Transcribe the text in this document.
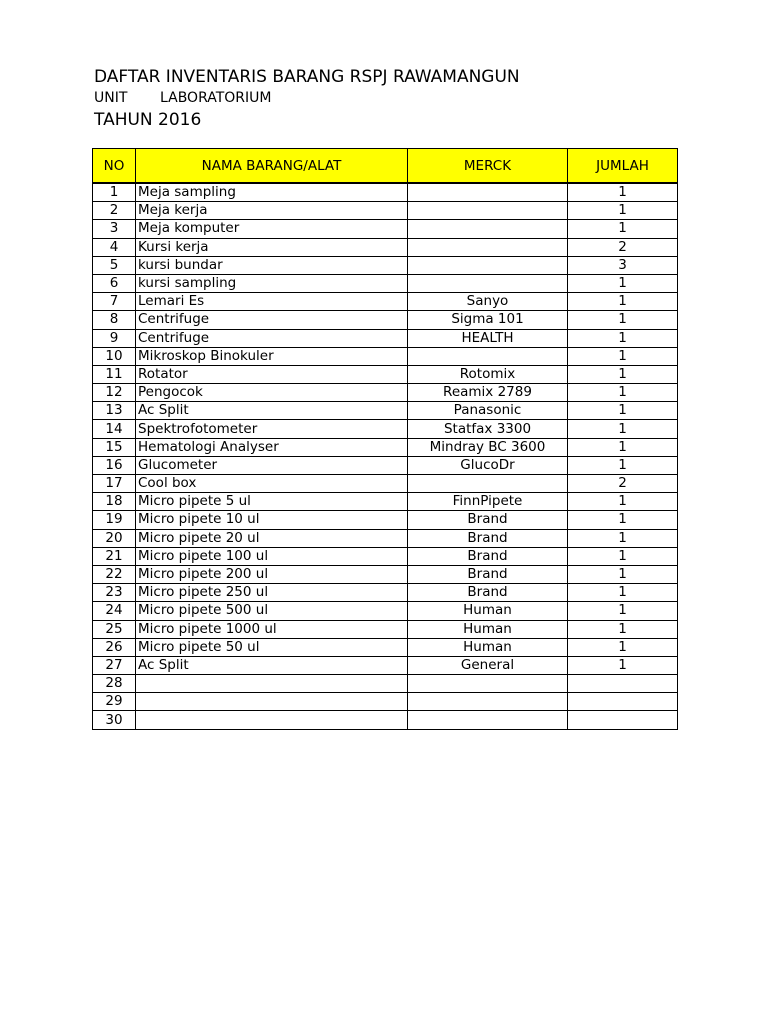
DAFTAR INVENTARIS BARANG RSPJ RAWAMANGUN
UNIT LABORATORIUM
TAHUN 2016
NO	NAMA BARANG/ALAT	MERCK	JUMLAH
1	Meja sampling		1
2	Meja kerja		1
3	Meja komputer		1
4	Kursi kerja		2
5	kursi bundar		3
6	kursi sampling		1
7	Lemari Es	Sanyo	1
8	Centrifuge	Sigma 101	1
9	Centrifuge	HEALTH	1
10	Mikroskop Binokuler		1
11	Rotator	Rotomix	1
12	Pengocok	Reamix 2789	1
13	Ac Split	Panasonic	1
14	Spektrofotometer	Statfax 3300	1
15	Hematologi Analyser	Mindray BC 3600	1
16	Glucometer	GlucoDr	1
17	Cool box		2
18	Micro pipete 5 ul	FinnPipete	1
19	Micro pipete 10 ul	Brand	1
20	Micro pipete 20 ul	Brand	1
21	Micro pipete 100 ul	Brand	1
22	Micro pipete 200 ul	Brand	1
23	Micro pipete 250 ul	Brand	1
24	Micro pipete 500 ul	Human	1
25	Micro pipete 1000 ul	Human	1
26	Micro pipete 50 ul	Human	1
27	Ac Split	General	1
28			
29			
30			
